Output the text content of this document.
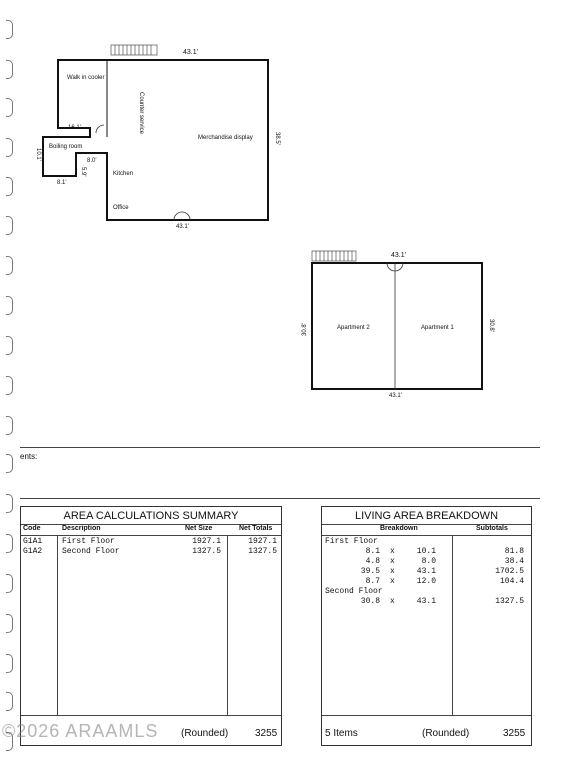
43.1'
Walk in cooler
Counter service
Merchandise display	38.5'
16.1'
Boiling room
10.1'
8.0'
5.9'
8.1'
Kitchen
Office
43.1'
43.1'
30.8'	Apartment 2	Apartment 1	30.8'
43.1'
ents:
AREA CALCULATIONS SUMMARY
Code	Description	Net Size	Net Totals
G1A1 First Floor	1927.1	1927.1
G1A2 Second Floor	1327.5	1327.5
(Rounded)	3255
LIVING AREA BREAKDOWN
Breakdown	Subtotals
First Floor
8.1 x	10.1	81.8
4.8 x	8.0	38.4
39.5 x	43.1	1702.5
8.7 x	12.0	104.4
Second Floor
30.8 x	43.1	1327.5
5 Items	(Rounded)	3255
©2026 ARAAMLS
